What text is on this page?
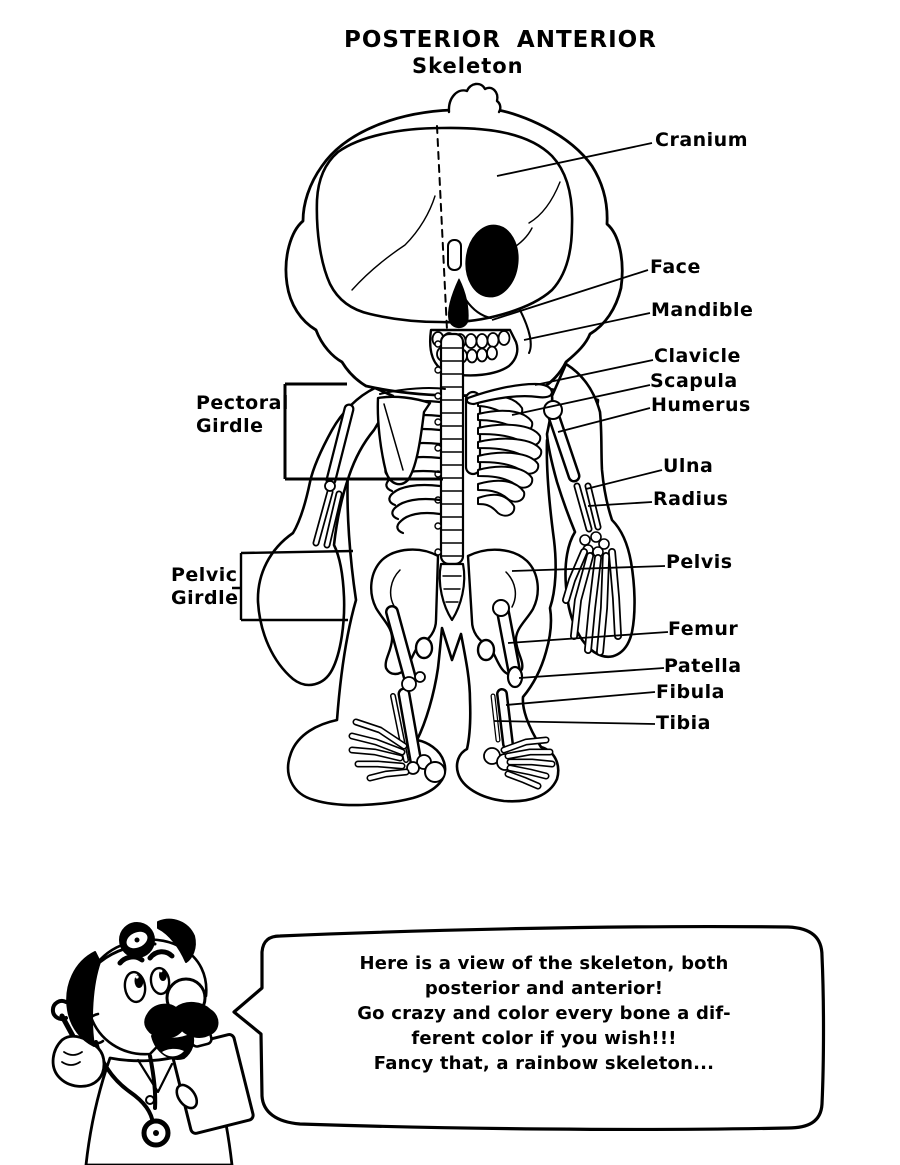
POSTERIOR ANTERIOR
Skeleton
Cranium
Face
Mandible
Clavicle
Scapula
Humerus
Ulna
Radius
Pelvis
Femur
Patella
Fibula
Tibia
Pectoral
Girdle
Pelvic
Girdle
Here is a view of the skeleton, both
posterior and anterior!
Go crazy and color every bone a dif-
ferent color if you wish!!!
Fancy that, a rainbow skeleton...
